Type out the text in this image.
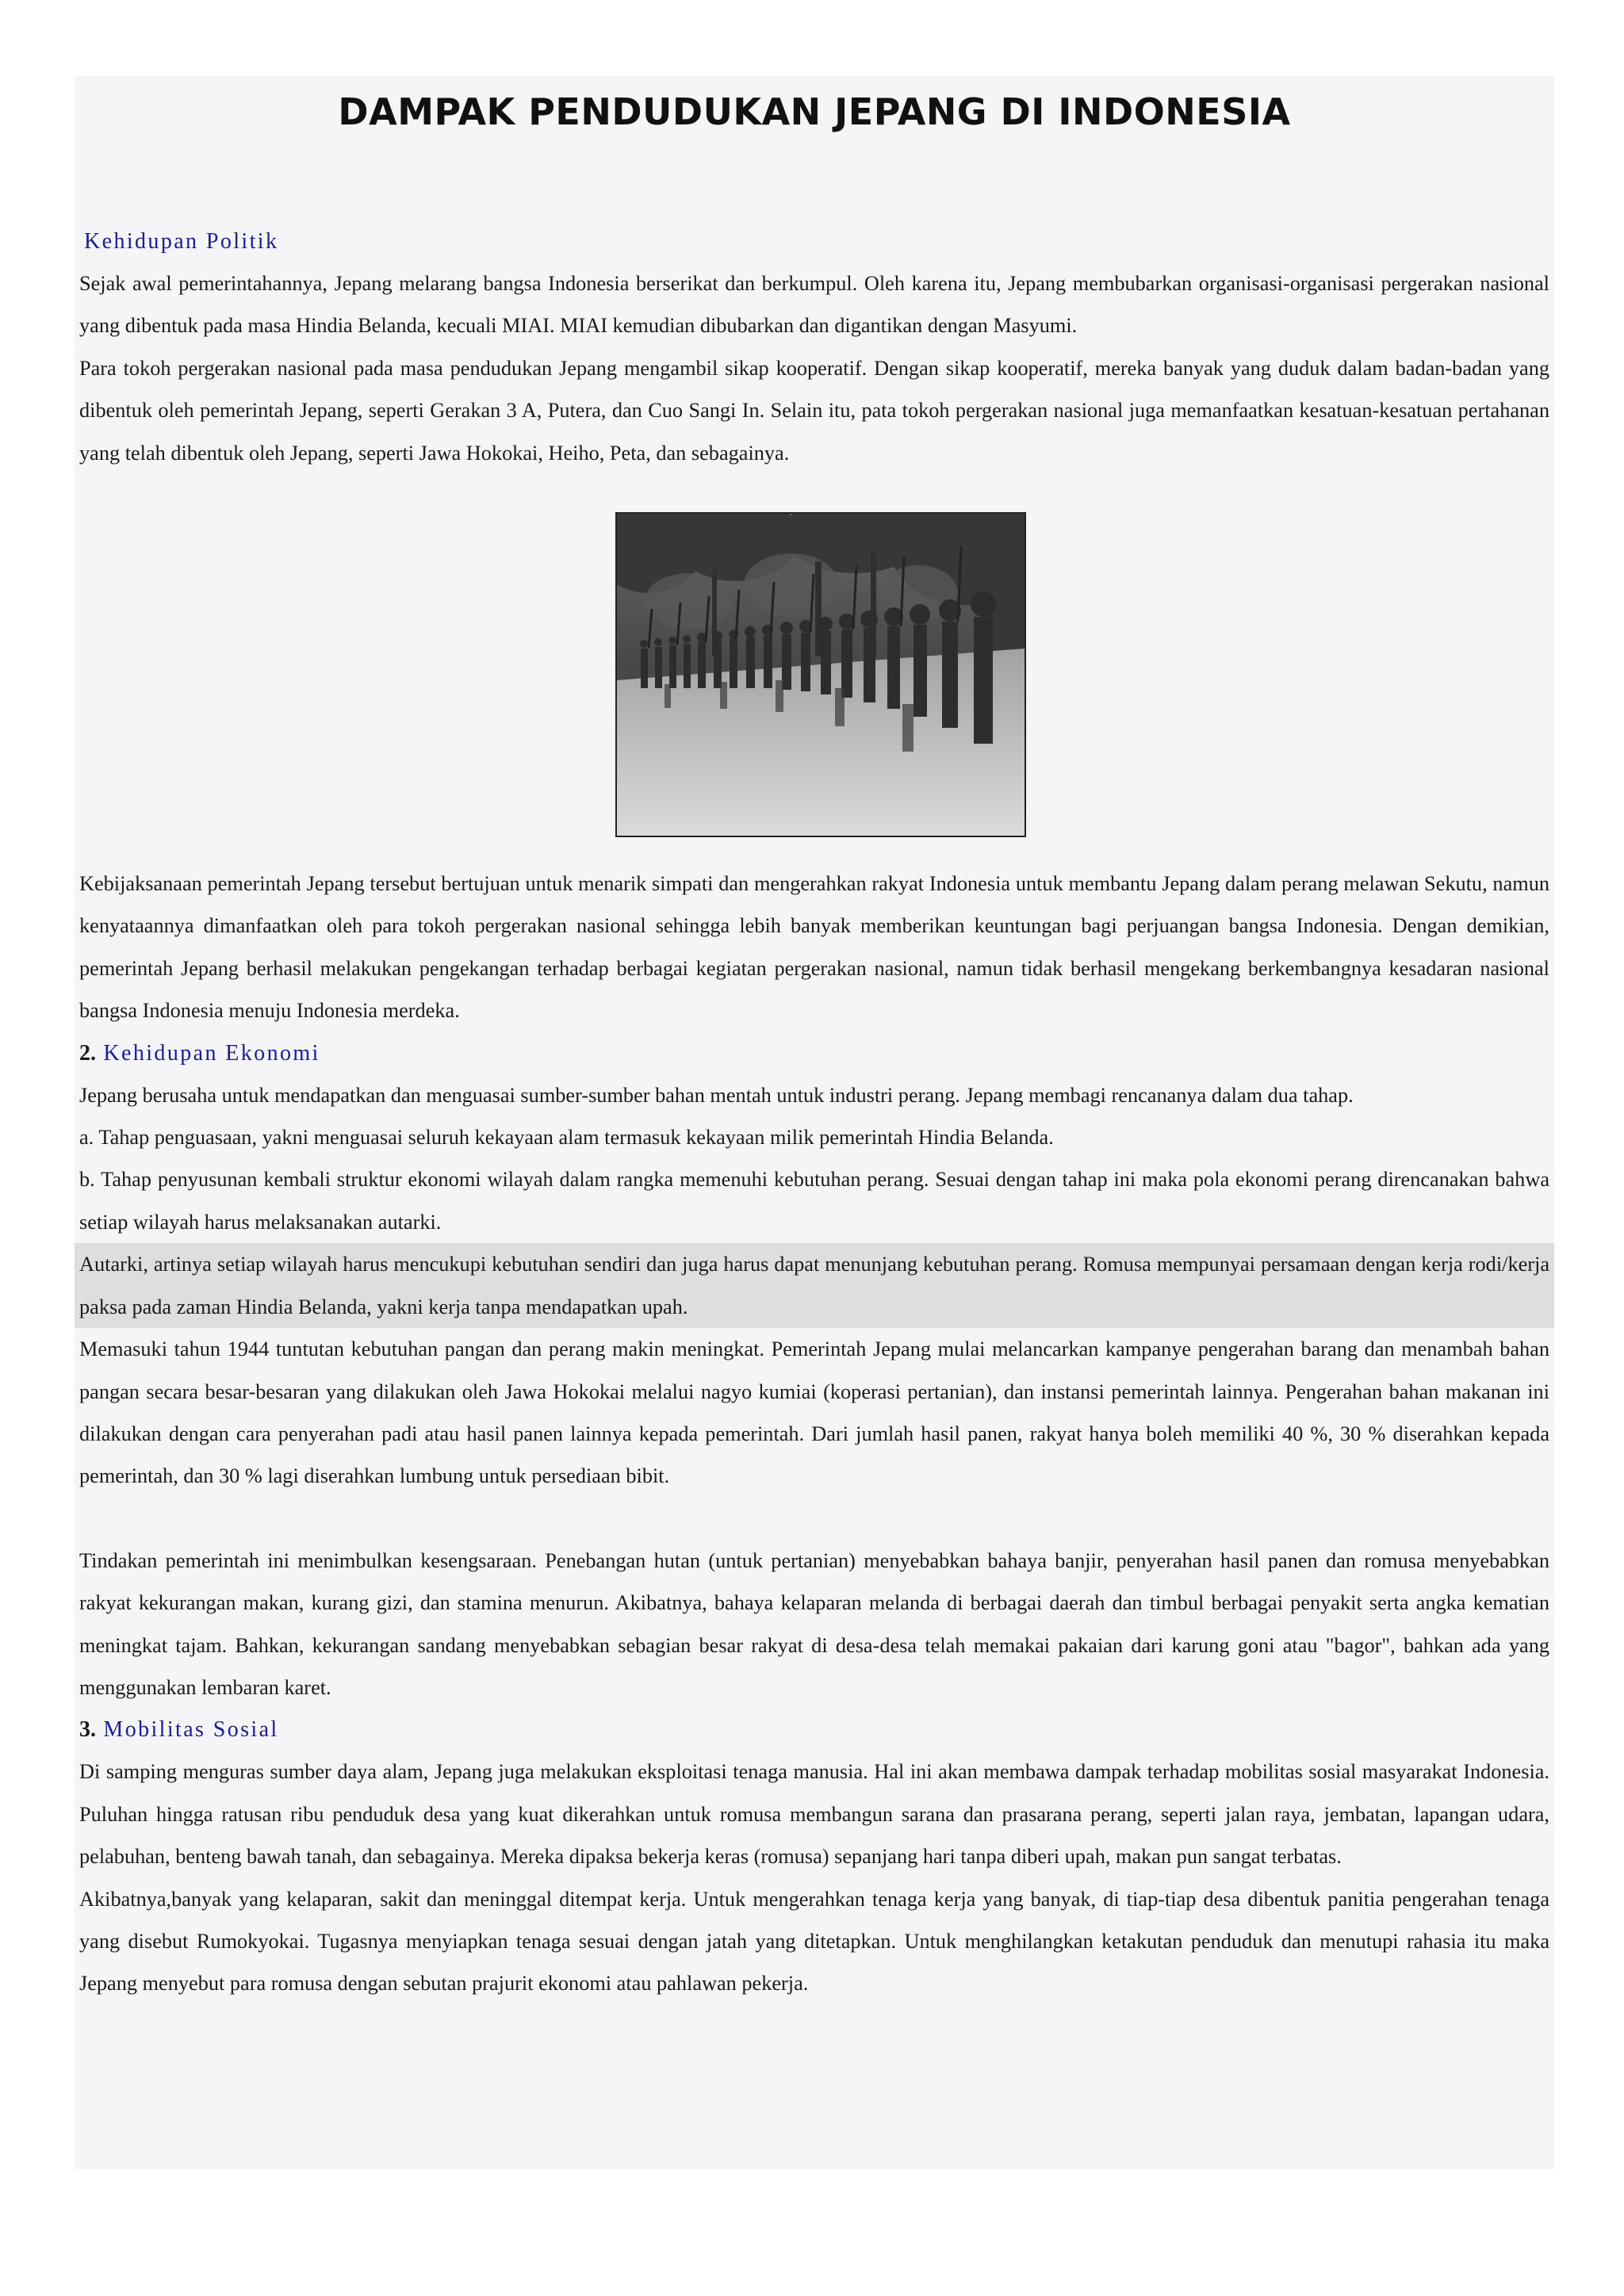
DAMPAK PENDUDUKAN JEPANG DI INDONESIA
Kehidupan Politik

Sejak awal pemerintahannya, Jepang melarang bangsa Indonesia berserikat dan berkumpul. Oleh karena itu, Jepang membubarkan organisasi-organisasi pergerakan nasional yang dibentuk pada masa Hindia Belanda, kecuali MIAI. MIAI kemudian dibubarkan dan digantikan dengan Masyumi.

Para tokoh pergerakan nasional pada masa pendudukan Jepang mengambil sikap kooperatif. Dengan sikap kooperatif, mereka banyak yang duduk dalam badan-badan yang dibentuk oleh pemerintah Jepang, seperti Gerakan 3 A, Putera, dan Cuo Sangi In. Selain itu, pata tokoh pergerakan nasional juga memanfaatkan kesatuan-kesatuan pertahanan yang telah dibentuk oleh Jepang, seperti Jawa Hokokai, Heiho, Peta, dan sebagainya.

Kebijaksanaan pemerintah Jepang tersebut bertujuan untuk menarik simpati dan mengerahkan rakyat Indonesia untuk membantu Jepang dalam perang melawan Sekutu, namun kenyataannya dimanfaatkan oleh para tokoh pergerakan nasional sehingga lebih banyak memberikan keuntungan bagi perjuangan bangsa Indonesia. Dengan demikian, pemerintah Jepang berhasil melakukan pengekangan terhadap berbagai kegiatan pergerakan nasional, namun tidak berhasil mengekang berkembangnya kesadaran nasional bangsa Indonesia menuju Indonesia merdeka.

2. Kehidupan Ekonomi

Jepang berusaha untuk mendapatkan dan menguasai sumber-sumber bahan mentah untuk industri perang. Jepang membagi rencananya dalam dua tahap.

a. Tahap penguasaan, yakni menguasai seluruh kekayaan alam termasuk kekayaan milik pemerintah Hindia Belanda.

b. Tahap penyusunan kembali struktur ekonomi wilayah dalam rangka memenuhi kebutuhan perang. Sesuai dengan tahap ini maka pola ekonomi perang direncanakan bahwa setiap wilayah harus melaksanakan autarki.

Autarki, artinya setiap wilayah harus mencukupi kebutuhan sendiri dan juga harus dapat menunjang kebutuhan perang. Romusa mempunyai persamaan dengan kerja rodi/kerja paksa pada zaman Hindia Belanda, yakni kerja tanpa mendapatkan upah.

Memasuki tahun 1944 tuntutan kebutuhan pangan dan perang makin meningkat. Pemerintah Jepang mulai melancarkan kampanye pengerahan barang dan menambah bahan pangan secara besar-besaran yang dilakukan oleh Jawa Hokokai melalui nagyo kumiai (koperasi pertanian), dan instansi pemerintah lainnya. Pengerahan bahan makanan ini dilakukan dengan cara penyerahan padi atau hasil panen lainnya kepada pemerintah. Dari jumlah hasil panen, rakyat hanya boleh memiliki 40 %, 30 % diserahkan kepada pemerintah, dan 30 % lagi diserahkan lumbung untuk persediaan bibit.

Tindakan pemerintah ini menimbulkan kesengsaraan. Penebangan hutan (untuk pertanian) menyebabkan bahaya banjir, penyerahan hasil panen dan romusa menyebabkan rakyat kekurangan makan, kurang gizi, dan stamina menurun. Akibatnya, bahaya kelaparan melanda di berbagai daerah dan timbul berbagai penyakit serta angka kematian meningkat tajam. Bahkan, kekurangan sandang menyebabkan sebagian besar rakyat di desa-desa telah memakai pakaian dari karung goni atau "bagor", bahkan ada yang menggunakan lembaran karet.

3. Mobilitas Sosial

Di samping menguras sumber daya alam, Jepang juga melakukan eksploitasi tenaga manusia. Hal ini akan membawa dampak terhadap mobilitas sosial masyarakat Indonesia. Puluhan hingga ratusan ribu penduduk desa yang kuat dikerahkan untuk romusa membangun sarana dan prasarana perang, seperti jalan raya, jembatan, lapangan udara, pelabuhan, benteng bawah tanah, dan sebagainya. Mereka dipaksa bekerja keras (romusa) sepanjang hari tanpa diberi upah, makan pun sangat terbatas.

Akibatnya,banyak yang kelaparan, sakit dan meninggal ditempat kerja. Untuk mengerahkan tenaga kerja yang banyak, di tiap-tiap desa dibentuk panitia pengerahan tenaga yang disebut Rumokyokai. Tugasnya menyiapkan tenaga sesuai dengan jatah yang ditetapkan. Untuk menghilangkan ketakutan penduduk dan menutupi rahasia itu maka Jepang menyebut para romusa dengan sebutan prajurit ekonomi atau pahlawan pekerja.
